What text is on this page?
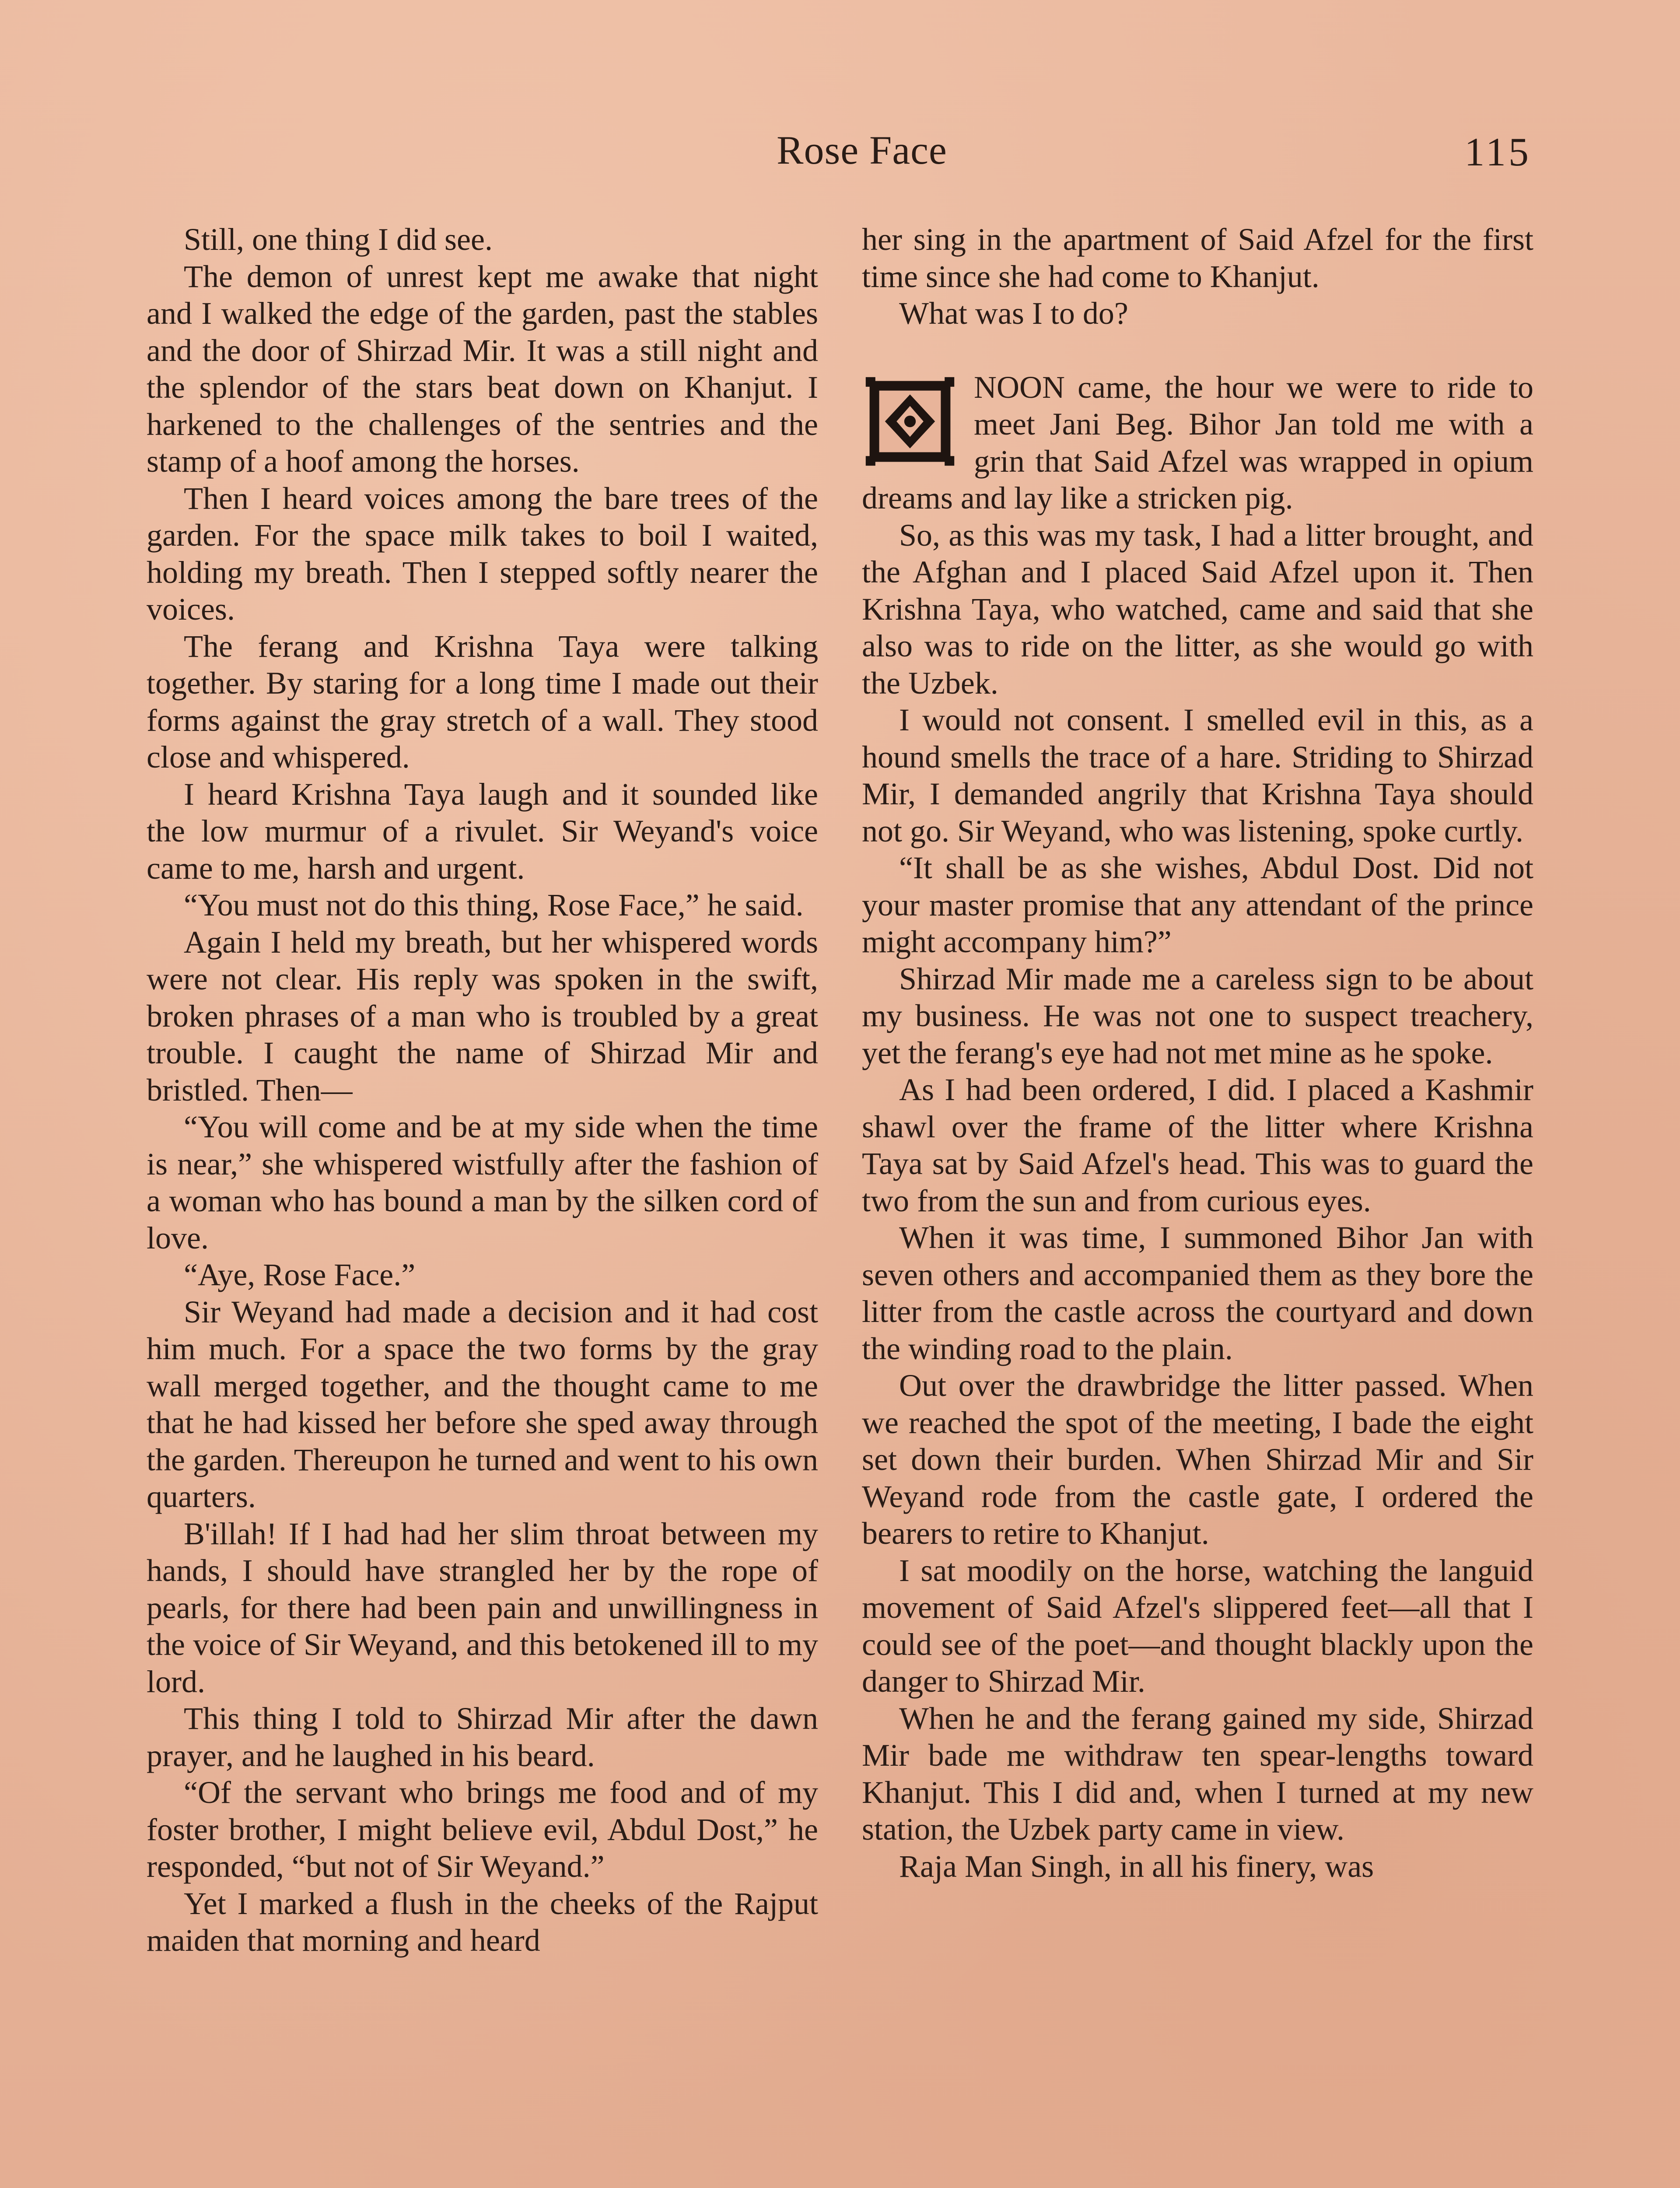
Rose Face	115

Still, one thing I did see.

The demon of unrest kept me awake that night and I walked the edge of the garden, past the stables and the door of Shirzad Mir. It was a still night and the splendor of the stars beat down on Khanjut. I harkened to the challenges of the sentries and the stamp of a hoof among the horses.

Then I heard voices among the bare trees of the garden. For the space milk takes to boil I waited, holding my breath. Then I stepped softly nearer the voices.

The ferang and Krishna Taya were talking together. By staring for a long time I made out their forms against the gray stretch of a wall. They stood close and whispered.

I heard Krishna Taya laugh and it sounded like the low murmur of a rivulet. Sir Weyand's voice came to me, harsh and urgent.

“You must not do this thing, Rose Face,” he said.

Again I held my breath, but her whispered words were not clear. His reply was spoken in the swift, broken phrases of a man who is troubled by a great trouble. I caught the name of Shirzad Mir and bristled. Then—

“You will come and be at my side when the time is near,” she whispered wistfully after the fashion of a woman who has bound a man by the silken cord of love.

“Aye, Rose Face.”

Sir Weyand had made a decision and it had cost him much. For a space the two forms by the gray wall merged together, and the thought came to me that he had kissed her before she sped away through the garden. Thereupon he turned and went to his own quarters.

B'illah! If I had had her slim throat between my hands, I should have strangled her by the rope of pearls, for there had been pain and unwillingness in the voice of Sir Weyand, and this betokened ill to my lord.

This thing I told to Shirzad Mir after the dawn prayer, and he laughed in his beard.

“Of the servant who brings me food and of my foster brother, I might believe evil, Abdul Dost,” he responded, “but not of Sir Weyand.”

Yet I marked a flush in the cheeks of the Rajput maiden that morning and heard

her sing in the apartment of Said Afzel for the first time since she had come to Khanjut.

What was I to do?

NOON came, the hour we were to ride to meet Jani Beg. Bihor Jan told me with a grin that Said Afzel was wrapped in opium dreams and lay like a stricken pig.

So, as this was my task, I had a litter brought, and the Afghan and I placed Said Afzel upon it. Then Krishna Taya, who watched, came and said that she also was to ride on the litter, as she would go with the Uzbek.

I would not consent. I smelled evil in this, as a hound smells the trace of a hare. Striding to Shirzad Mir, I demanded angrily that Krishna Taya should not go. Sir Weyand, who was listening, spoke curtly.

“It shall be as she wishes, Abdul Dost. Did not your master promise that any attendant of the prince might accompany him?”

Shirzad Mir made me a careless sign to be about my business. He was not one to suspect treachery, yet the ferang's eye had not met mine as he spoke.

As I had been ordered, I did. I placed a Kashmir shawl over the frame of the litter where Krishna Taya sat by Said Afzel's head. This was to guard the two from the sun and from curious eyes.

When it was time, I summoned Bihor Jan with seven others and accompanied them as they bore the litter from the castle across the courtyard and down the winding road to the plain.

Out over the drawbridge the litter passed. When we reached the spot of the meeting, I bade the eight set down their burden. When Shirzad Mir and Sir Weyand rode from the castle gate, I ordered the bearers to retire to Khanjut.

I sat moodily on the horse, watching the languid movement of Said Afzel's slippered feet—all that I could see of the poet—and thought blackly upon the danger to Shirzad Mir.

When he and the ferang gained my side, Shirzad Mir bade me withdraw ten spear-lengths toward Khanjut. This I did and, when I turned at my new station, the Uzbek party came in view.

Raja Man Singh, in all his finery, was
